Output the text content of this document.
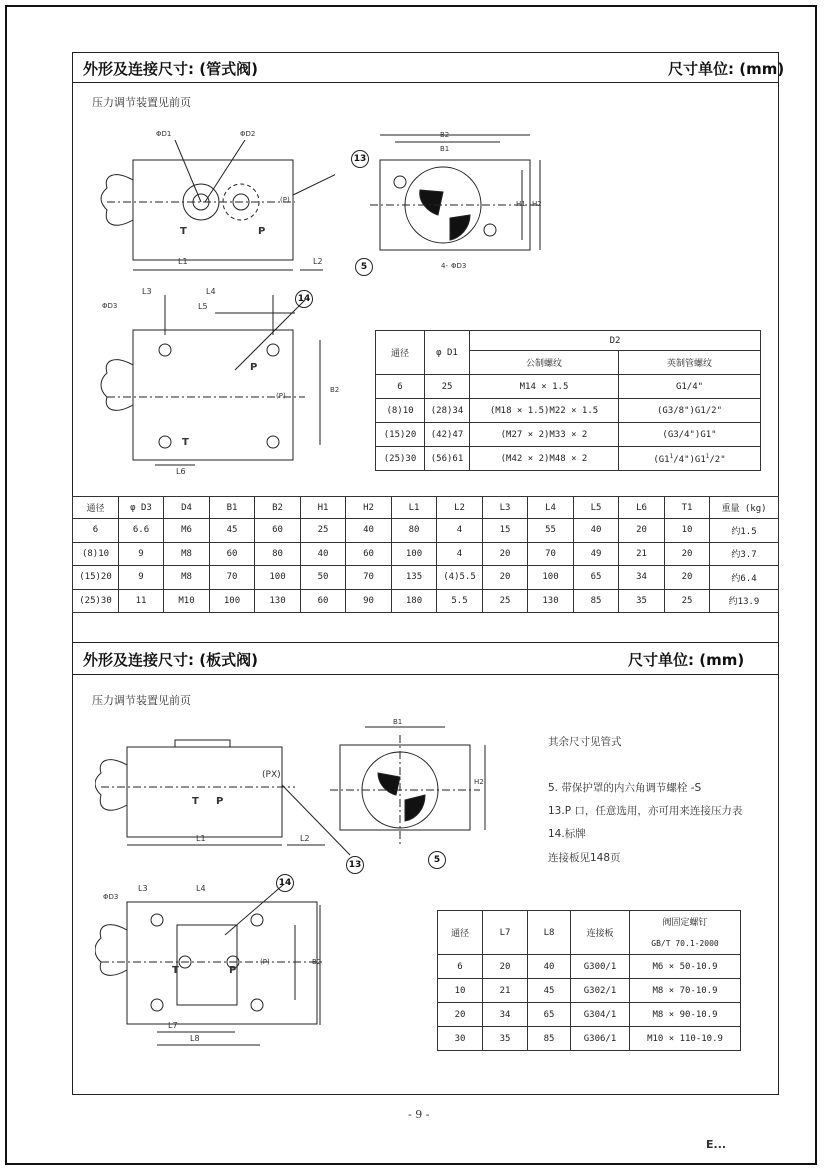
外形及连接尺寸: (管式阀)	尺寸单位: (mm)
压力调节装置见前页
L1	L2
ΦD1	ΦD2
T	P
(P)
13
5	4- ΦD3
B2
B1
H1 H2
L3	L4
L5
ΦD3
L6
T
P
(P)
B2
14
通径	φ D1	D2	
		公制螺纹	英制管螺纹
6	25	M14 × 1.5	G1/4"
(8)10	(28)34	(M18 × 1.5)M22 × 1.5	(G3/8")G1/2"
(15)20	(42)47	(M27 × 2)M33 × 2	(G3/4")G1"
(25)30	(56)61	(M42 × 2)M48 × 2	$(G1^1/4")G1^1/2$"
通径	φ D3	D4	B1	B2	H1	H2	L1	L2	L3	L4	L5	L6	T1	重量 (kg)
6	6.6	M6	45	60	25	40	80	4	15	55	40	20	10	约1.5
(8)10	9	M8	60	80	40	60	100	4	20	70	49	21	20	约3.7
(15)20	9	M8	70	100	50	70	135	(4)5.5	20	100	65	34	20	约6.4
(25)30	11	M10	100	130	60	90	180	5.5	25	130	85	35	25	约13.9
外形及连接尺寸: (板式阀)	尺寸单位: (mm)
压力调节装置见前页
T P
(PX)
L1	L2
13
B1
H2
5
其余尺寸见管式
5. 带保护罩的内六角调节螺栓 -S
13.P 口，任意选用，亦可用来连接压力表
14.标牌
连接板见148页
L3	L4
ΦD3
T	P
(P)	B2
L7
L8
14
通径	L7	L8	连接板	阀固定螺钉
				GB/T 70.1-2000
6	20	40	G300/1	M6 × 50-10.9
10	21	45	G302/1	M8 × 70-10.9
20	34	65	G304/1	M8 × 90-10.9
30	35	85	G306/1	M10 × 110-10.9
- 9 -
E...
